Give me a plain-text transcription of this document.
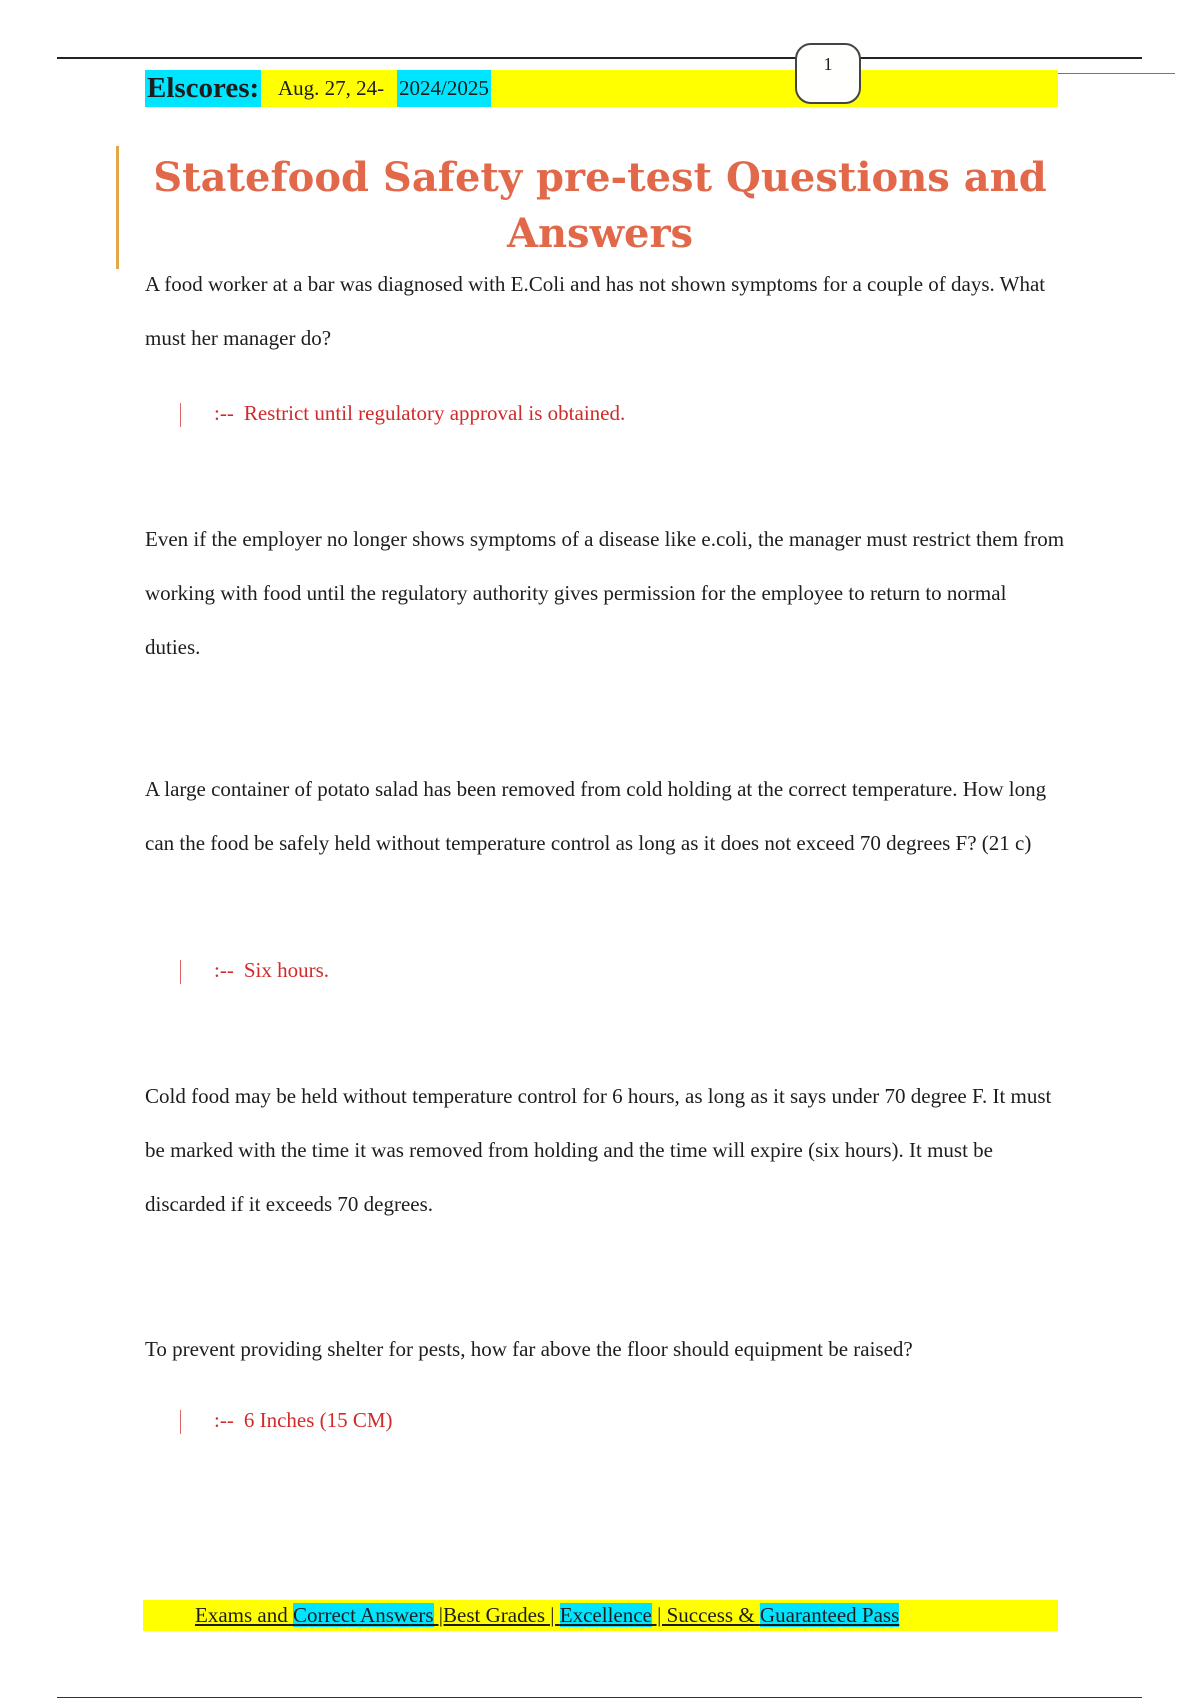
Elscores: Aug. 27, 24- 2024/2025
1
Statefood Safety pre-test Questions and Answers

A food worker at a bar was diagnosed with E.Coli and has not shown symptoms for a couple of days. What must her manager do?

:-- Restrict until regulatory approval is obtained.

Even if the employer no longer shows symptoms of a disease like e.coli, the manager must restrict them from working with food until the regulatory authority gives permission for the employee to return to normal duties.

A large container of potato salad has been removed from cold holding at the correct temperature. How long can the food be safely held without temperature control as long as it does not exceed 70 degrees F? (21 c)

:-- Six hours.

Cold food may be held without temperature control for 6 hours, as long as it says under 70 degree F. It must be marked with the time it was removed from holding and the time will expire (six hours). It must be discarded if it exceeds 70 degrees.

To prevent providing shelter for pests, how far above the floor should equipment be raised?

:-- 6 Inches (15 CM)
Exams and Correct Answers |Best Grades | Excellence | Success & Guaranteed Pass
